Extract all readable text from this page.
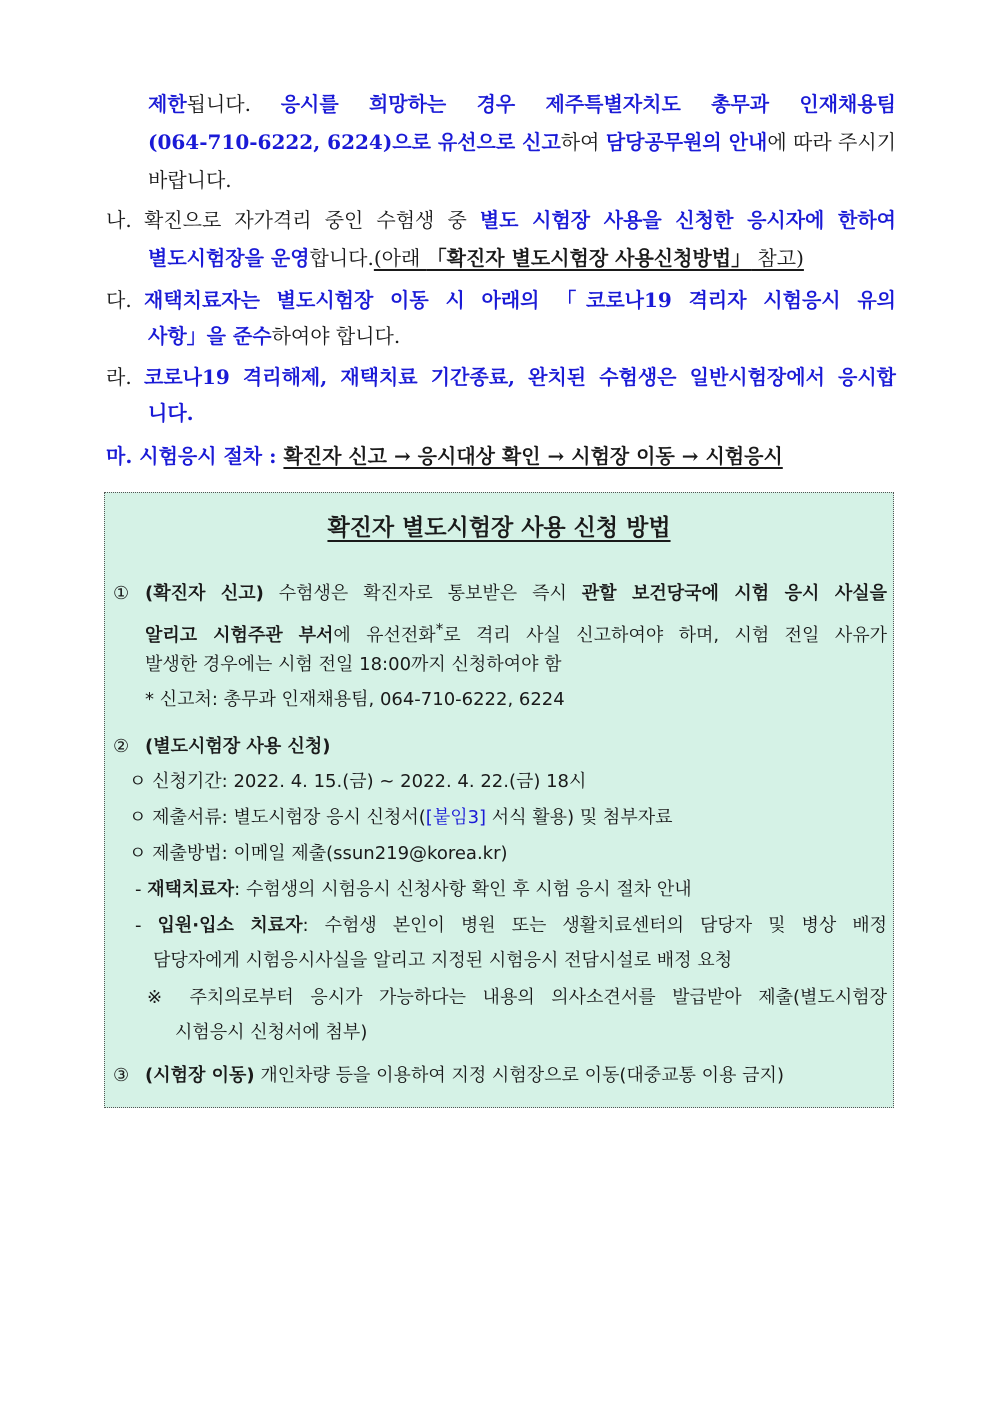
제한됩니다. 응시를 희망하는 경우 제주특별자치도 총무과 인재채용팀
(064-710-6222, 6224)으로 유선으로 신고하여 담당공무원의 안내에 따라 주시기
바랍니다.
나. 확진으로 자가격리 중인 수험생 중 별도 시험장 사용을 신청한 응시자에 한하여
별도시험장을 운영합니다.(아래 「확진자 별도시험장 사용신청방법」 참고)
다. 재택치료자는 별도시험장 이동 시 아래의 「코로나19 격리자 시험응시 유의
사항」을 준수하여야 합니다.
라. 코로나19 격리해제, 재택치료 기간종료, 완치된 수험생은 일반시험장에서 응시합
니다.
마. 시험응시 절차 : 확진자 신고 → 응시대상 확인 → 시험장 이동 → 시험응시
확진자 별도시험장 사용 신청 방법
① (확진자 신고) 수험생은 확진자로 통보받은 즉시 관할 보건당국에 시험 응시 사실을
알리고 시험주관 부서에 유선전화*로 격리 사실 신고하여야 하며, 시험 전일 사유가
발생한 경우에는 시험 전일 18:00까지 신청하여야 함
* 신고처: 총무과 인재채용팀, 064-710-6222, 6224
② (별도시험장 사용 신청)
ㅇ 신청기간: 2022. 4. 15.(금) ~ 2022. 4. 22.(금) 18시
ㅇ 제출서류: 별도시험장 응시 신청서([붙임3] 서식 활용) 및 첨부자료
ㅇ 제출방법: 이메일 제출(ssun219@korea.kr)
- 재택치료자: 수험생의 시험응시 신청사항 확인 후 시험 응시 절차 안내
- 입원·입소 치료자: 수험생 본인이 병원 또는 생활치료센터의 담당자 및 병상 배정
담당자에게 시험응시사실을 알리고 지정된 시험응시 전담시설로 배정 요청
※ 주치의로부터 응시가 가능하다는 내용의 의사소견서를 발급받아 제출(별도시험장
시험응시 신청서에 첨부)
③ (시험장 이동) 개인차량 등을 이용하여 지정 시험장으로 이동(대중교통 이용 금지)
